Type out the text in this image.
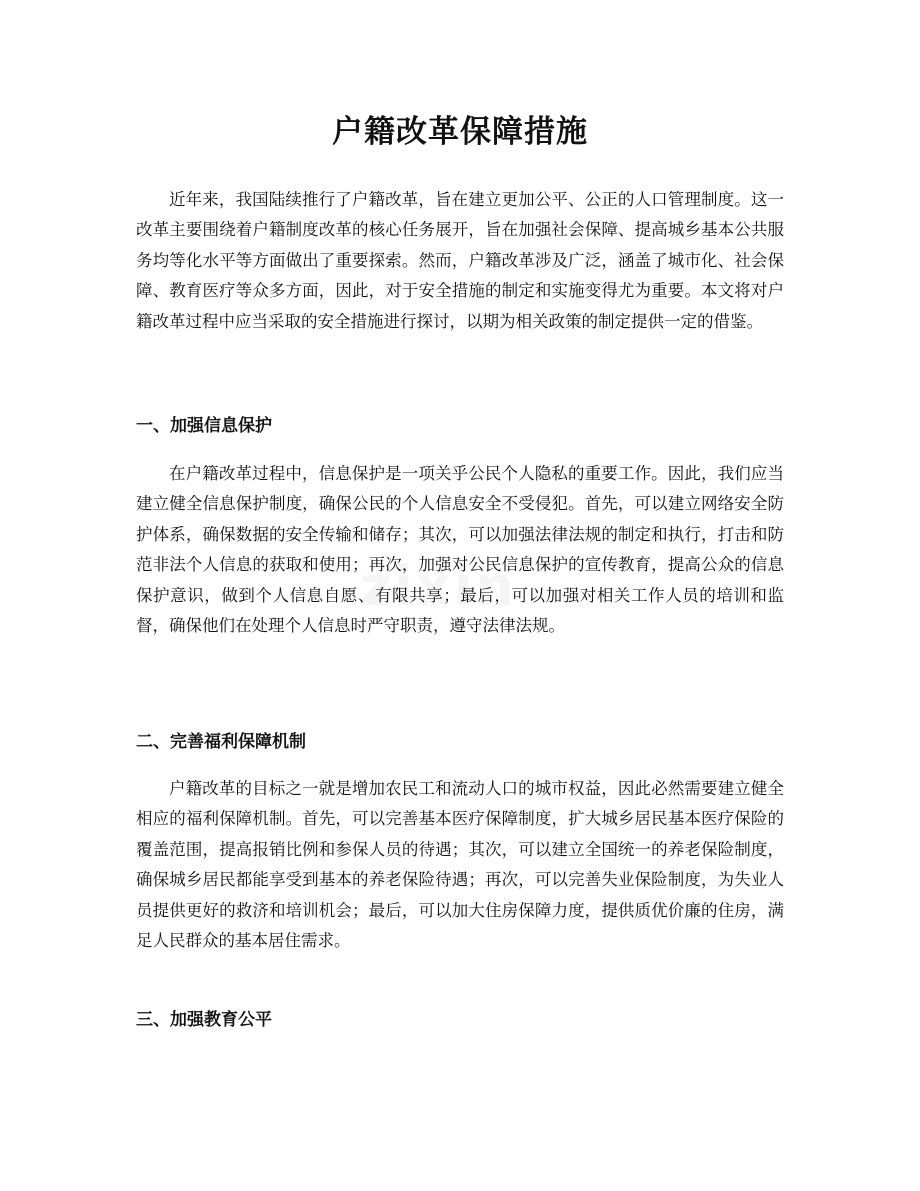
户籍改革保障措施

近年来，我国陆续推行了户籍改革，旨在建立更加公平、公正的人口管理制度。这一改革主要围绕着户籍制度改革的核心任务展开，旨在加强社会保障、提高城乡基本公共服务均等化水平等方面做出了重要探索。然而，户籍改革涉及广泛，涵盖了城市化、社会保障、教育医疗等众多方面，因此，对于安全措施的制定和实施变得尤为重要。本文将对户籍改革过程中应当采取的安全措施进行探讨，以期为相关政策的制定提供一定的借鉴。

一、加强信息保护

在户籍改革过程中，信息保护是一项关乎公民个人隐私的重要工作。因此，我们应当建立健全信息保护制度，确保公民的个人信息安全不受侵犯。首先，可以建立网络安全防护体系，确保数据的安全传输和储存；其次，可以加强法律法规的制定和执行，打击和防范非法个人信息的获取和使用；再次，加强对公民信息保护的宣传教育，提高公众的信息保护意识，做到个人信息自愿、有限共享；最后，可以加强对相关工作人员的培训和监督，确保他们在处理个人信息时严守职责，遵守法律法规。

二、完善福利保障机制

户籍改革的目标之一就是增加农民工和流动人口的城市权益，因此必然需要建立健全相应的福利保障机制。首先，可以完善基本医疗保障制度，扩大城乡居民基本医疗保险的覆盖范围，提高报销比例和参保人员的待遇；其次，可以建立全国统一的养老保险制度，确保城乡居民都能享受到基本的养老保险待遇；再次，可以完善失业保险制度，为失业人员提供更好的救济和培训机会；最后，可以加大住房保障力度，提供质优价廉的住房，满足人民群众的基本居住需求。

三、加强教育公平
